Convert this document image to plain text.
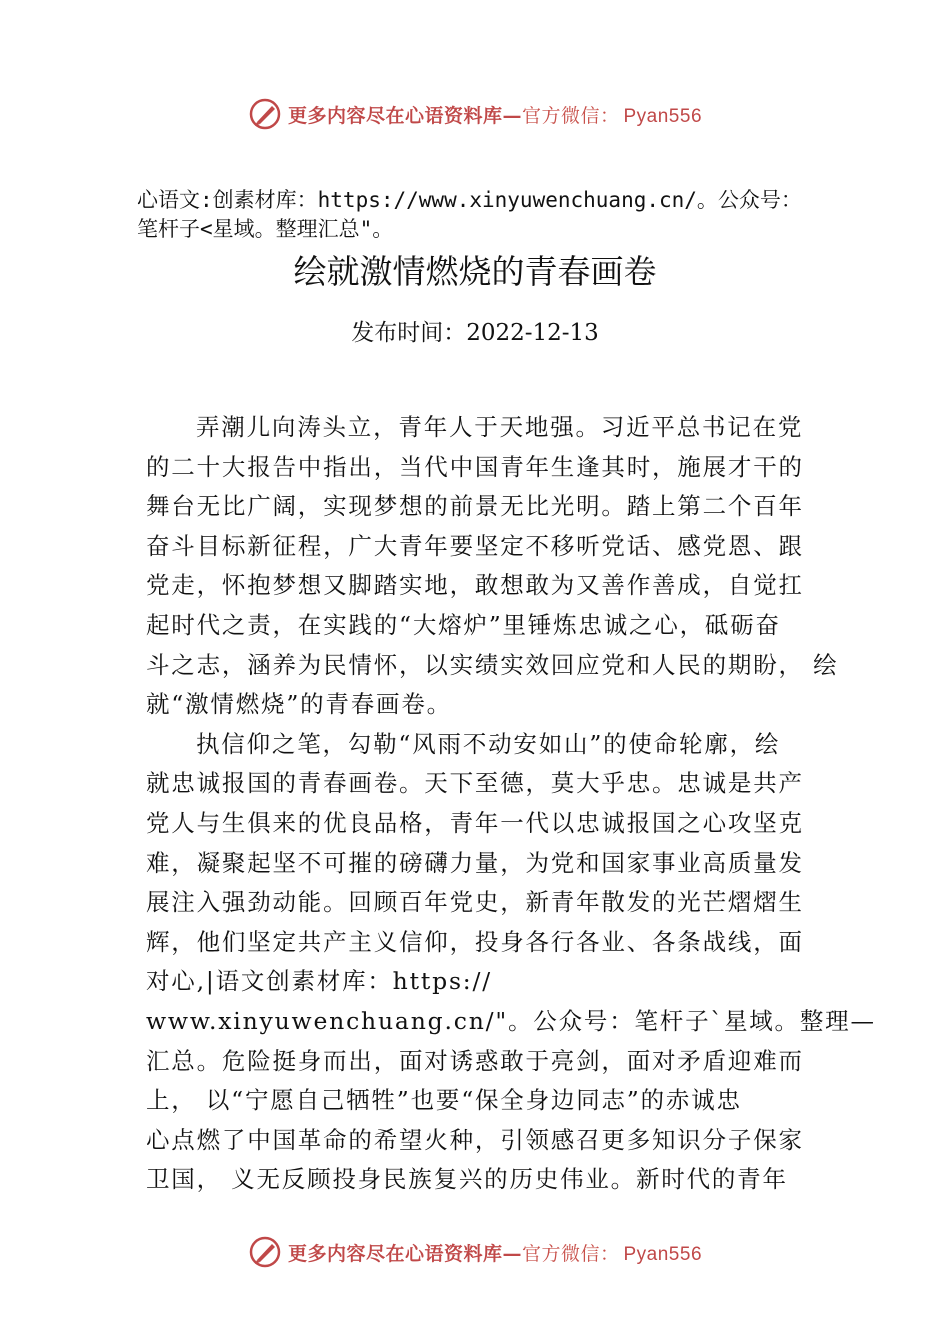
更多内容尽在心语资料库—官方微信： Pyan556
心语文:创素材库：https://www.xinyuwenchuang.cn/。公众号：
笔杆子<星域。整理汇总"。
绘就激情燃烧的青春画卷
发布时间：2022-12-13
弄潮儿向涛头立，青年人于天地强。习近平总书记在党
的二十大报告中指出，当代中国青年生逢其时，施展才干的
舞台无比广阔，实现梦想的前景无比光明。踏上第二个百年
奋斗目标新征程，广大青年要坚定不移听党话、感党恩、跟
党走，怀抱梦想又脚踏实地，敢想敢为又善作善成，自觉扛
起时代之责，在实践的“大熔炉”里锤炼忠诚之心，砥砺奋
斗之志，涵养为民情怀，以实绩实效回应党和人民的期盼， 绘
就“激情燃烧”的青春画卷。
执信仰之笔，勾勒“风雨不动安如山”的使命轮廓，绘
就忠诚报国的青春画卷。天下至德，莫大乎忠。忠诚是共产
党人与生俱来的优良品格，青年一代以忠诚报国之心攻坚克
难，凝聚起坚不可摧的磅礴力量，为党和国家事业高质量发
展注入强劲动能。回顾百年党史，新青年散发的光芒熠熠生
辉，他们坚定共产主义信仰，投身各行各业、各条战线，面
对心,|语文创素材库：https://
www.xinyuwenchuang.cn/"。公众号：笔杆子`星域。整理—
汇总。危险挺身而出，面对诱惑敢于亮剑，面对矛盾迎难而
上， 以“宁愿自己牺牲”也要“保全身边同志”的赤诚忠
心点燃了中国革命的希望火种，引领感召更多知识分子保家
卫国， 义无反顾投身民族复兴的历史伟业。新时代的青年
更多内容尽在心语资料库—官方微信： Pyan556
